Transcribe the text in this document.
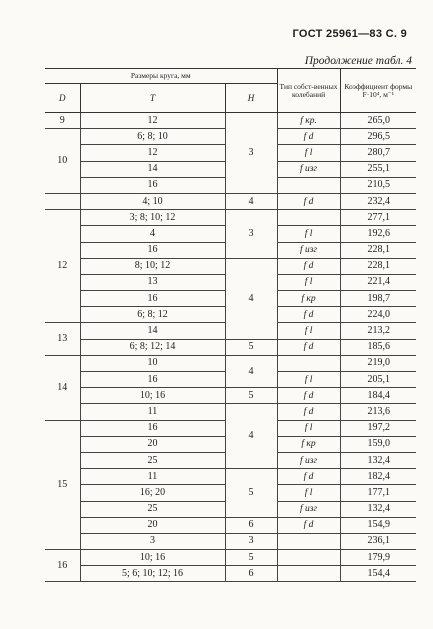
ГОСТ 25961—83 С. 9
Продолжение табл. 4
Размеры круга, мм			Тип собст-венных колебаний	Коэффициент формы F·10⁴, м⁻¹
D	T	H		
9	12	3	f кр.	265,0
10	6; 8; 10		f d	296,5
	12		f l	280,7
	14		f изг	255,1
	16			210,5
	4; 10	4	f d	232,4
12	3; 8; 10; 12	3		277,1
	4		f l	192,6
	16		f изг	228,1
	8; 10; 12	4	f d	228,1
	13		f l	221,4
	16		f кр	198,7
	6; 8; 12		f d	224,0
13	14		f l	213,2
	6; 8; 12; 14	5	f d	185,6
14	10	4		219,0
	16		f l	205,1
	10; 16	5	f d	184,4
	11	4	f d	213,6
15	16		f l	197,2
	20		f кр	159,0
	25		f изг	132,4
	11	5	f d	182,4
	16; 20		f l	177,1
	25		f изг	132,4
	20	6	f d	154,9
	3	3		236,1
16	10; 16	5		179,9
	5; 6; 10; 12; 16	6		154,4
